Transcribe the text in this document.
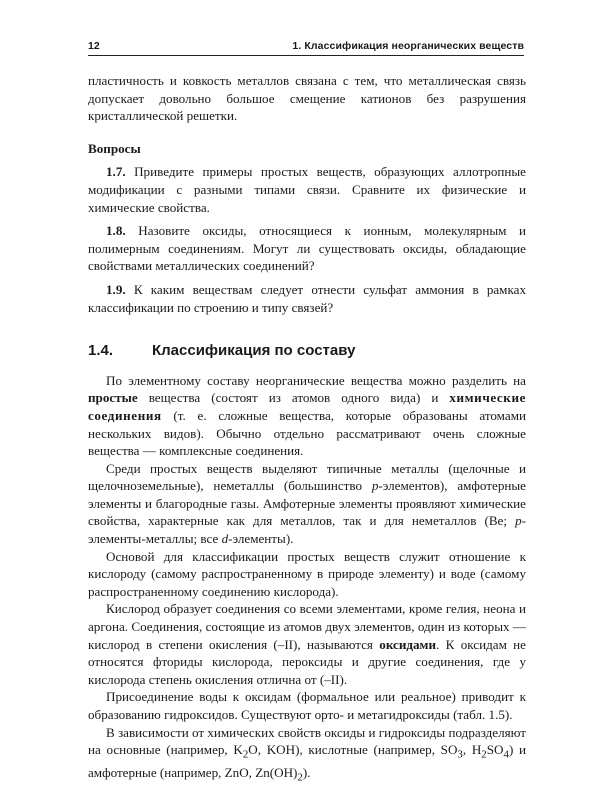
12	1. Классификация неорганических веществ

пластичность и ковкость металлов связана с тем, что металлическая связь допускает довольно большое смещение катионов без разрушения кристаллической решетки.

Вопросы

1.7. Приведите примеры простых веществ, образующих аллотропные модификации с разными типами связи. Сравните их физические и химические свойства.

1.8. Назовите оксиды, относящиеся к ионным, молекулярным и полимерным соединениям. Могут ли существовать оксиды, обладающие свойствами металлических соединений?

1.9. К каким веществам следует отнести сульфат аммония в рамках классификации по строению и типу связей?

1.4.	Классификация по составу

По элементному составу неорганические вещества можно разделить на простые вещества (состоят из атомов одного вида) и химические соединения (т. е. сложные вещества, которые образованы атомами нескольких видов). Обычно отдельно рассматривают очень сложные вещества — комплексные соединения.

Среди простых веществ выделяют типичные металлы (щелочные и щелочноземельные), неметаллы (большинство p-элементов), амфотерные элементы и благородные газы. Амфотерные элементы проявляют химические свойства, характерные как для металлов, так и для неметаллов (Be; p-элементы-металлы; все d-элементы).

Основой для классификации простых веществ служит отношение к кислороду (самому распространенному в природе элементу) и воде (самому распространенному соединению кислорода).

Кислород образует соединения со всеми элементами, кроме гелия, неона и аргона. Соединения, состоящие из атомов двух элементов, один из которых — кислород в степени окисления (–II), называются оксидами. К оксидам не относятся фториды кислорода, пероксиды и другие соединения, где у кислорода степень окисления отлична от (–II).

Присоединение воды к оксидам (формальное или реальное) приводит к образованию гидроксидов. Существуют орто- и метагидроксиды (табл. 1.5).

В зависимости от химических свойств оксиды и гидроксиды подразделяют на основные (например, $K_2O$, KOH), кислотные (например, $SO_3$, $H_2SO_4$) и амфотерные (например, ZnO, $Zn(OH)_2$).
